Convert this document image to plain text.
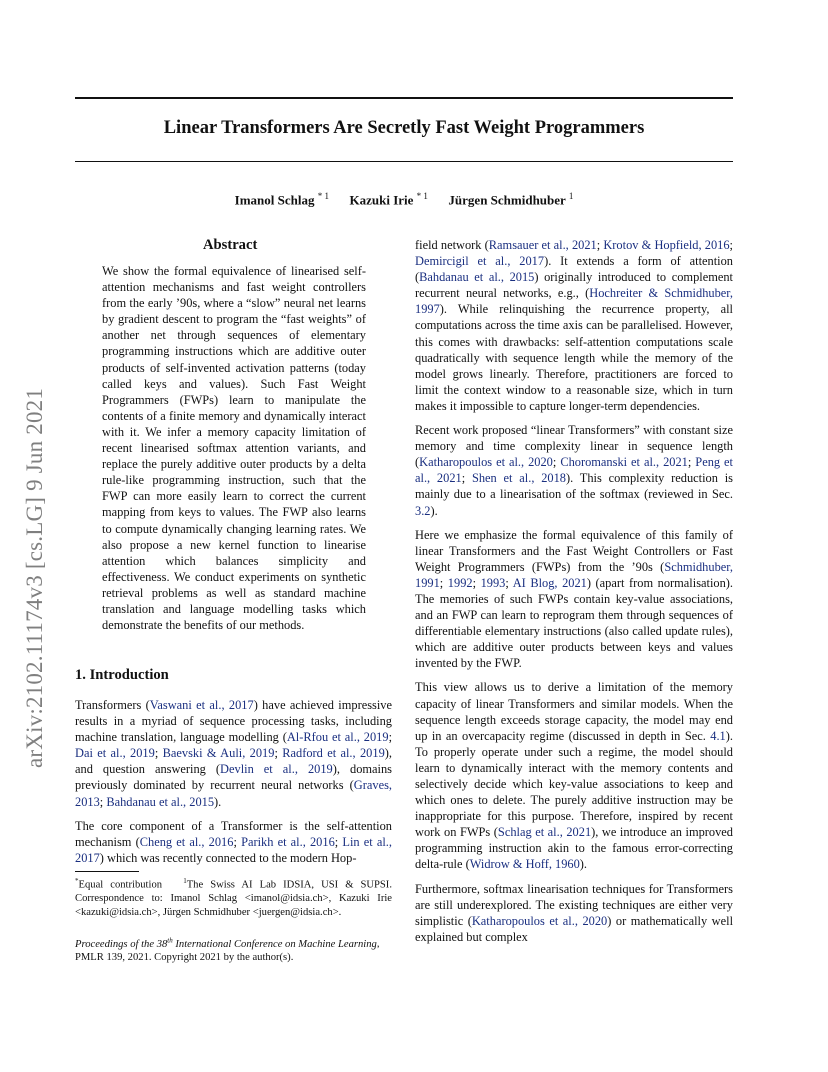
Linear Transformers Are Secretly Fast Weight Programmers
Imanol Schlag $^{* 1}$ Kazuki Irie $^{* 1}$ Jürgen Schmidhuber $^1$
arXiv:2102.11174v3 [cs.LG] 9 Jun 2021
Abstract
We show the formal equivalence of linearised self-attention mechanisms and fast weight controllers from the early ’90s, where a “slow” neural net learns by gradient descent to program the “fast weights” of another net through sequences of elementary programming instructions which are additive outer products of self-invented activation patterns (today called keys and values). Such Fast Weight Programmers (FWPs) learn to manipulate the contents of a finite memory and dynamically interact with it. We infer a memory capacity limitation of recent linearised softmax attention variants, and replace the purely additive outer products by a delta rule-like programming instruction, such that the FWP can more easily learn to correct the current mapping from keys to values. The FWP also learns to compute dynamically changing learning rates. We also propose a new kernel function to linearise attention which balances simplicity and effectiveness. We conduct experiments on synthetic retrieval problems as well as standard machine translation and language modelling tasks which demonstrate the benefits of our methods.
1. Introduction

Transformers (Vaswani et al., 2017) have achieved impressive results in a myriad of sequence processing tasks, including machine translation, language modelling (Al-Rfou et al., 2019; Dai et al., 2019; Baevski & Auli, 2019; Radford et al., 2019), and question answering (Devlin et al., 2019), domains previously dominated by recurrent neural networks (Graves, 2013; Bahdanau et al., 2015).

The core component of a Transformer is the self-attention mechanism (Cheng et al., 2016; Parikh et al., 2016; Lin et al., 2017) which was recently connected to the modern Hop-

*Equal contribution	$^1$The Swiss AI Lab IDSIA, USI & SUPSI. Correspondence to: Imanol Schlag <imanol@idsia.ch>, Kazuki Irie <kazuki@idsia.ch>, Jürgen Schmidhuber <juergen@idsia.ch>.
Proceedings of the 38th International Conference on Machine Learning, PMLR 139, 2021. Copyright 2021 by the author(s).

field network (Ramsauer et al., 2021; Krotov & Hopfield, 2016; Demircigil et al., 2017). It extends a form of attention (Bahdanau et al., 2015) originally introduced to complement recurrent neural networks, e.g., (Hochreiter & Schmidhuber, 1997). While relinquishing the recurrence property, all computations across the time axis can be parallelised. However, this comes with drawbacks: self-attention computations scale quadratically with sequence length while the memory of the model grows linearly. Therefore, practitioners are forced to limit the context window to a reasonable size, which in turn makes it impossible to capture longer-term dependencies.

Recent work proposed “linear Transformers” with constant size memory and time complexity linear in sequence length (Katharopoulos et al., 2020; Choromanski et al., 2021; Peng et al., 2021; Shen et al., 2018). This complexity reduction is mainly due to a linearisation of the softmax (reviewed in Sec. 3.2).

Here we emphasize the formal equivalence of this family of linear Transformers and the Fast Weight Controllers or Fast Weight Programmers (FWPs) from the ’90s (Schmidhuber, 1991; 1992; 1993; AI Blog, 2021) (apart from normalisation). The memories of such FWPs contain key-value associations, and an FWP can learn to reprogram them through sequences of differentiable elementary instructions (also called update rules), which are additive outer products between keys and values invented by the FWP.

This view allows us to derive a limitation of the memory capacity of linear Transformers and similar models. When the sequence length exceeds storage capacity, the model may end up in an overcapacity regime (discussed in depth in Sec. 4.1). To properly operate under such a regime, the model should learn to dynamically interact with the memory contents and selectively decide which key-value associations to keep and which ones to delete. The purely additive instruction may be inappropriate for this purpose. Therefore, inspired by recent work on FWPs (Schlag et al., 2021), we introduce an improved programming instruction akin to the famous error-correcting delta-rule (Widrow & Hoff, 1960).

Furthermore, softmax linearisation techniques for Transformers are still underexplored. The existing techniques are either very simplistic (Katharopoulos et al., 2020) or mathematically well explained but complex
